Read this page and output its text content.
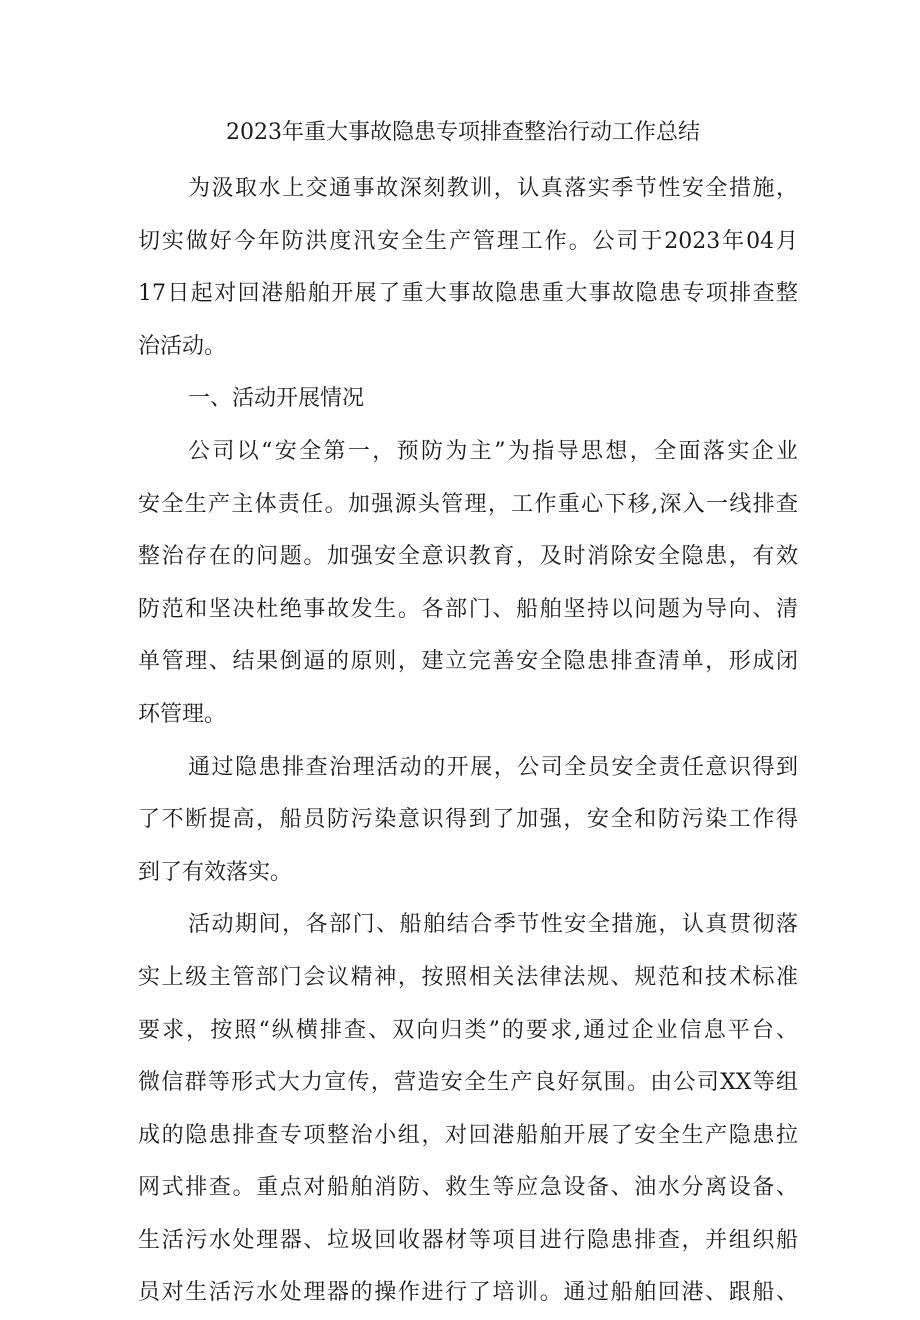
2023年重大事故隐患专项排查整治行动工作总结
为汲取水上交通事故深刻教训，认真落实季节性安全措施，
切实做好今年防洪度汛安全生产管理工作。公司于2023年04月
17日起对回港船舶开展了重大事故隐患重大事故隐患专项排查整
治活动。
一、活动开展情况
公司以“安全第一，预防为主”为指导思想，全面落实企业
安全生产主体责任。加强源头管理，工作重心下移,深入一线排查
整治存在的问题。加强安全意识教育，及时消除安全隐患，有效
防范和坚决杜绝事故发生。各部门、船舶坚持以问题为导向、清
单管理、结果倒逼的原则，建立完善安全隐患排查清单，形成闭
环管理。
通过隐患排查治理活动的开展，公司全员安全责任意识得到
了不断提高，船员防污染意识得到了加强，安全和防污染工作得
到了有效落实。
活动期间，各部门、船舶结合季节性安全措施，认真贯彻落
实上级主管部门会议精神，按照相关法律法规、规范和技术标准
要求，按照“纵横排查、双向归类”的要求,通过企业信息平台、
微信群等形式大力宣传，营造安全生产良好氛围。由公司XX等组
成的隐患排查专项整治小组，对回港船舶开展了安全生产隐患拉
网式排查。重点对船舶消防、救生等应急设备、油水分离设备、
生活污水处理器、垃圾回收器材等项目进行隐患排查，并组织船
员对生活污水处理器的操作进行了培训。通过船舶回港、跟船、
